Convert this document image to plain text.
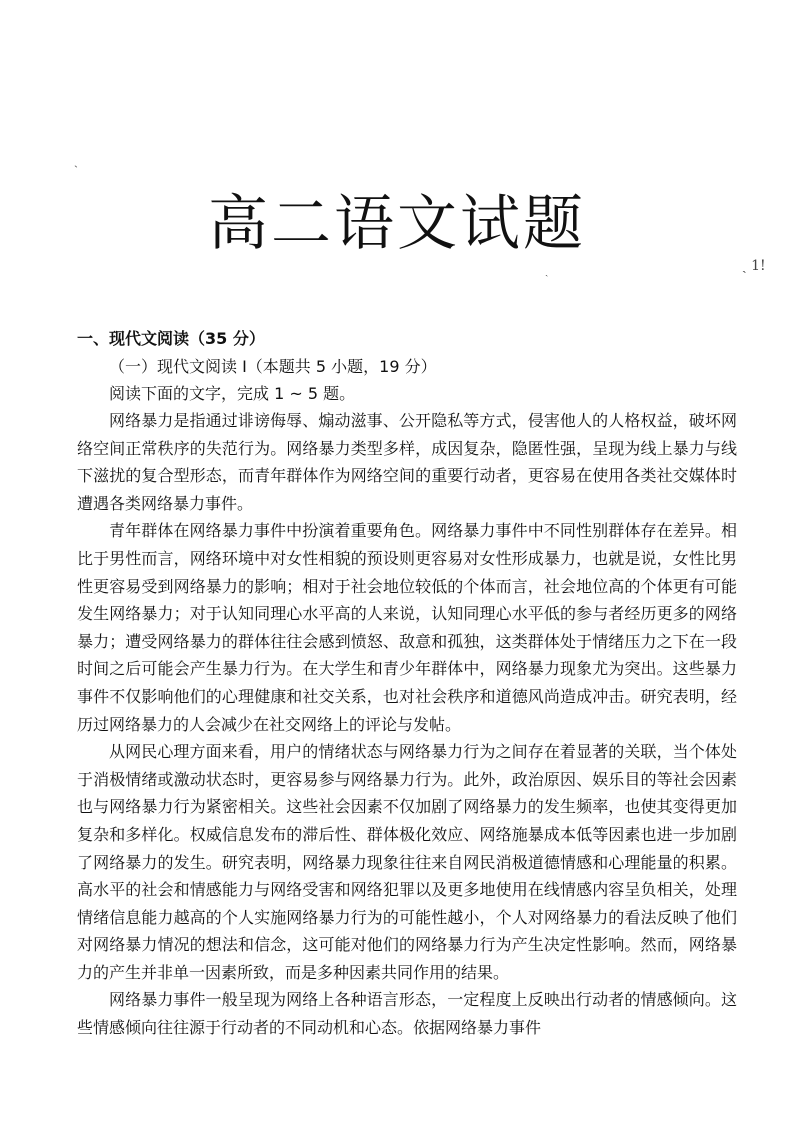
ˎ
ˎ	ˎ 1!
高二语文试题
一、现代文阅读（35 分）
（一）现代文阅读 I（本题共 5 小题，19 分）
阅读下面的文字，完成 1 ~ 5 题。

网络暴力是指通过诽谤侮辱、煽动滋事、公开隐私等方式，侵害他人的人格权益，破坏网络空间正常秩序的失范行为。网络暴力类型多样，成因复杂，隐匿性强，呈现为线上暴力与线下滋扰的复合型形态，而青年群体作为网络空间的重要行动者，更容易在使用各类社交媒体时遭遇各类网络暴力事件。

青年群体在网络暴力事件中扮演着重要角色。网络暴力事件中不同性别群体存在差异。相比于男性而言，网络环境中对女性相貌的预设则更容易对女性形成暴力，也就是说，女性比男性更容易受到网络暴力的影响；相对于社会地位较低的个体而言，社会地位高的个体更有可能发生网络暴力；对于认知同理心水平高的人来说，认知同理心水平低的参与者经历更多的网络暴力；遭受网络暴力的群体往往会感到愤怒、敌意和孤独，这类群体处于情绪压力之下在一段时间之后可能会产生暴力行为。在大学生和青少年群体中，网络暴力现象尤为突出。这些暴力事件不仅影响他们的心理健康和社交关系，也对社会秩序和道德风尚造成冲击。研究表明，经历过网络暴力的人会减少在社交网络上的评论与发帖。

从网民心理方面来看，用户的情绪状态与网络暴力行为之间存在着显著的关联，当个体处于消极情绪或激动状态时，更容易参与网络暴力行为。此外，政治原因、娱乐目的等社会因素也与网络暴力行为紧密相关。这些社会因素不仅加剧了网络暴力的发生频率，也使其变得更加复杂和多样化。权威信息发布的滞后性、群体极化效应、网络施暴成本低等因素也进一步加剧了网络暴力的发生。研究表明，网络暴力现象往往来自网民消极道德情感和心理能量的积累。高水平的社会和情感能力与网络受害和网络犯罪以及更多地使用在线情感内容呈负相关，处理情绪信息能力越高的个人实施网络暴力行为的可能性越小，个人对网络暴力的看法反映了他们对网络暴力情况的想法和信念，这可能对他们的网络暴力行为产生决定性影响。然而，网络暴力的产生并非单一因素所致，而是多种因素共同作用的结果。

网络暴力事件一般呈现为网络上各种语言形态，一定程度上反映出行动者的情感倾向。这些情感倾向往往源于行动者的不同动机和心态。依据网络暴力事件
